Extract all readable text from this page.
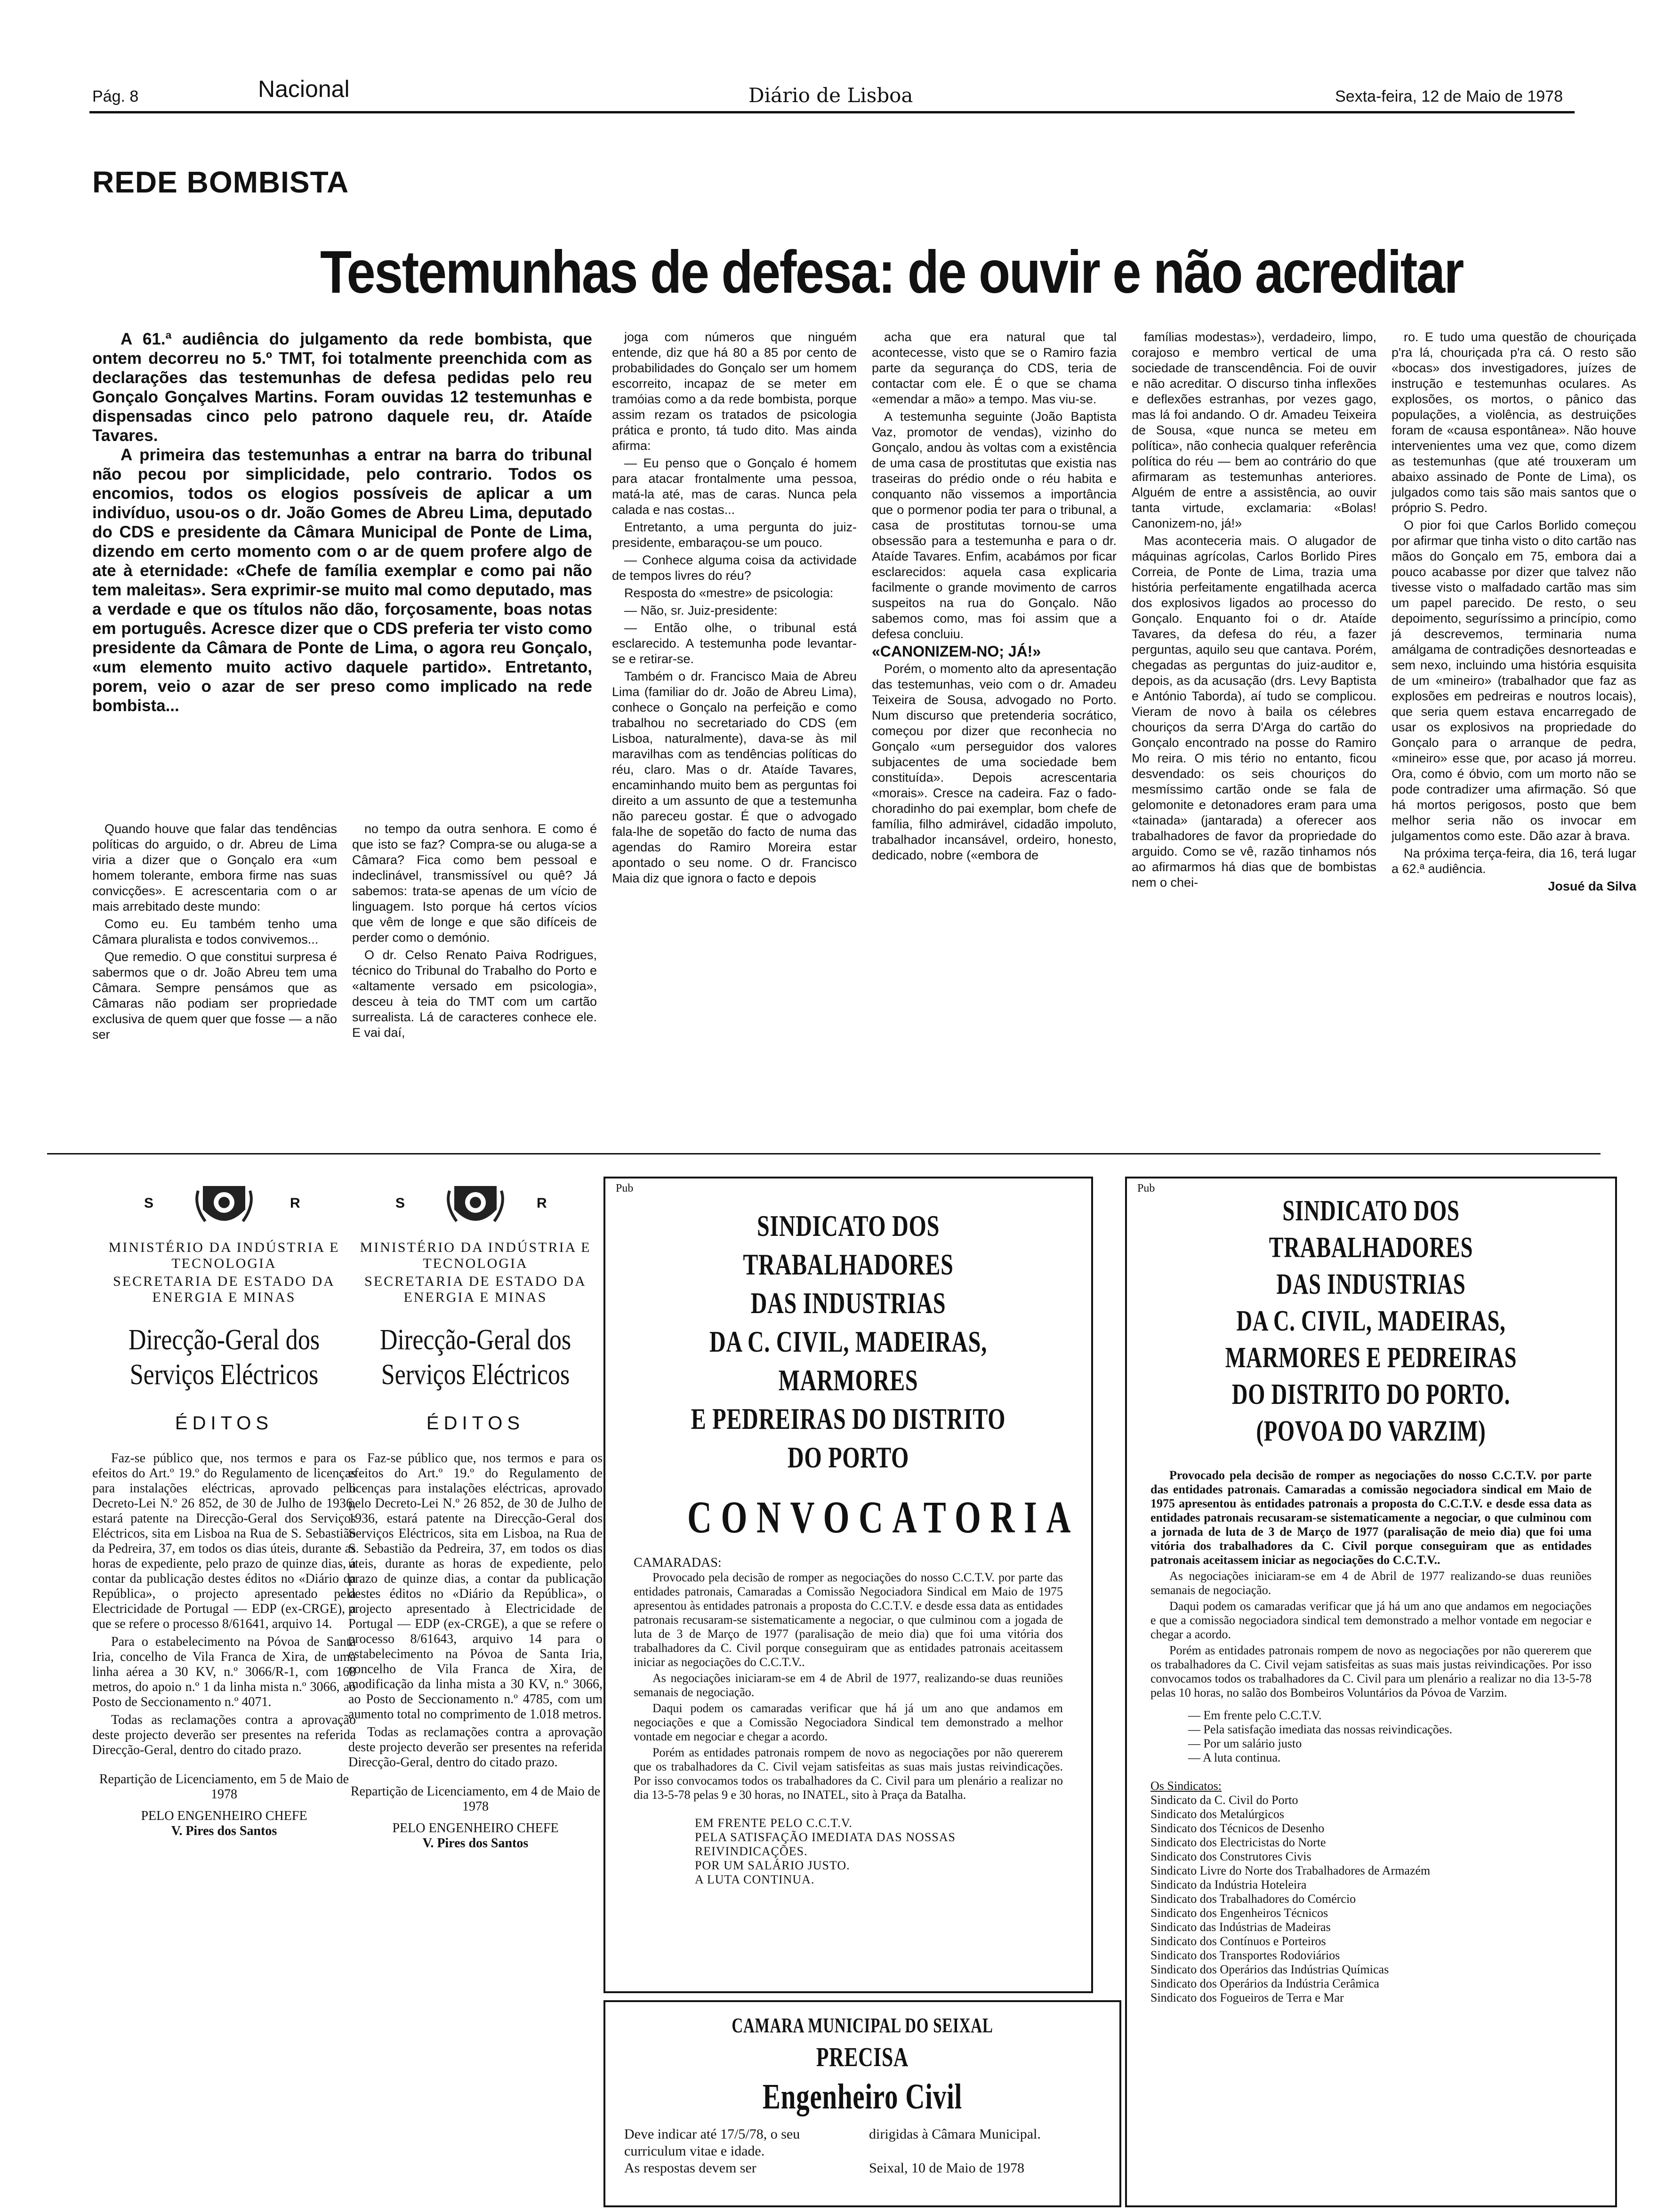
Pág. 8	Nacional	Diário de Lisboa	Sexta-feira, 12 de Maio de 1978
REDE BOMBISTA
Testemunhas de defesa: de ouvir e não acreditar

A 61.ª audiência do julgamento da rede bombista, que ontem decorreu no 5.º TMT, foi totalmente preenchida com as declarações das testemunhas de defesa pedidas pelo reu Gonçalo Gonçalves Martins. Foram ouvidas 12 testemunhas e dispensadas cinco pelo patrono daquele reu, dr. Ataíde Tavares.

A primeira das testemunhas a entrar na barra do tribunal não pecou por simplicidade, pelo contrario. Todos os encomios, todos os elogios possíveis de aplicar a um indivíduo, usou-os o dr. João Gomes de Abreu Lima, deputado do CDS e presidente da Câmara Municipal de Ponte de Lima, dizendo em certo momento com o ar de quem profere algo de ate à eternidade: «Chefe de família exemplar e como pai não tem maleitas». Sera exprimir-se muito mal como deputado, mas a verdade e que os títulos não dão, forçosamente, boas notas em português. Acresce dizer que o CDS preferia ter visto como presidente da Câmara de Ponte de Lima, o agora reu Gonçalo, «um elemento muito activo daquele partido». Entretanto, porem, veio o azar de ser preso como implicado na rede bombista...

Quando houve que falar das tendências políticas do arguido, o dr. Abreu de Lima viria a dizer que o Gonçalo era «um homem tolerante, embora firme nas suas convicções». E acrescentaria com o ar mais arrebitado deste mundo:

Como eu. Eu também tenho uma Câmara pluralista e todos convivemos...

Que remedio. O que constitui surpresa é sabermos que o dr. João Abreu tem uma Câmara. Sempre pensámos que as Câmaras não podiam ser propriedade exclusiva de quem quer que fosse — a não ser

no tempo da outra senhora. E como é que isto se faz? Compra-se ou aluga-se a Câmara? Fica como bem pessoal e indeclinável, transmissível ou quê? Já sabemos: trata-se apenas de um vício de linguagem. Isto porque há certos vícios que vêm de longe e que são difíceis de perder como o demónio.

O dr. Celso Renato Paiva Rodrigues, técnico do Tribunal do Trabalho do Porto e «altamente versado em psicologia», desceu à teia do TMT com um cartão surrealista. Lá de caracteres conhece ele. E vai daí,

joga com números que ninguém entende, diz que há 80 a 85 por cento de probabilidades do Gonçalo ser um homem escorreito, incapaz de se meter em tramóias como a da rede bombista, porque assim rezam os tratados de psicologia prática e pronto, tá tudo dito. Mas ainda afirma:

— Eu penso que o Gonçalo é homem para atacar frontalmente uma pessoa, matá-la até, mas de caras. Nunca pela calada e nas costas...

Entretanto, a uma pergunta do juiz-presidente, embaraçou-se um pouco.

— Conhece alguma coisa da actividade de tempos livres do réu?

Resposta do «mestre» de psicologia:

— Não, sr. Juiz-presidente:

— Então olhe, o tribunal está esclarecido. A testemunha pode levantar-se e retirar-se.

Também o dr. Francisco Maia de Abreu Lima (familiar do dr. João de Abreu Lima), conhece o Gonçalo na perfeição e como trabalhou no secretariado do CDS (em Lisboa, naturalmente), dava-se às mil maravilhas com as tendências políticas do réu, claro. Mas o dr. Ataíde Tavares, encaminhando muito bem as perguntas foi direito a um assunto de que a testemunha não pareceu gostar. É que o advogado fala-lhe de sopetão do facto de numa das agendas do Ramiro Moreira estar apontado o seu nome. O dr. Francisco Maia diz que ignora o facto e depois

acha que era natural que tal acontecesse, visto que se o Ramiro fazia parte da segurança do CDS, teria de contactar com ele. É o que se chama «emendar a mão» a tempo. Mas viu-se.

A testemunha seguinte (João Baptista Vaz, promotor de vendas), vizinho do Gonçalo, andou às voltas com a existência de uma casa de prostitutas que existia nas traseiras do prédio onde o réu habita e conquanto não vissemos a importância que o pormenor podia ter para o tribunal, a casa de prostitutas tornou-se uma obsessão para a testemunha e para o dr. Ataíde Tavares. Enfim, acabámos por ficar esclarecidos: aquela casa explicaria facilmente o grande movimento de carros suspeitos na rua do Gonçalo. Não sabemos como, mas foi assim que a defesa concluiu.

«CANONIZEM-NO; JÁ!»

Porém, o momento alto da apresentação das testemunhas, veio com o dr. Amadeu Teixeira de Sousa, advogado no Porto. Num discurso que pretenderia socrático, começou por dizer que reconhecia no Gonçalo «um perseguidor dos valores subjacentes de uma sociedade bem constituída». Depois acrescentaria «morais». Cresce na cadeira. Faz o fado-choradinho do pai exemplar, bom chefe de família, filho admirável, cidadão impoluto, trabalhador incansável, ordeiro, honesto, dedicado, nobre («embora de

famílias modestas»), verdadeiro, limpo, corajoso e membro vertical de uma sociedade de transcendência. Foi de ouvir e não acreditar. O discurso tinha inflexões e deflexões estranhas, por vezes gago, mas lá foi andando. O dr. Amadeu Teixeira de Sousa, «que nunca se meteu em política», não conhecia qualquer referência política do réu — bem ao contrário do que afirmaram as testemunhas anteriores. Alguém de entre a assistência, ao ouvir tanta virtude, exclamaria: «Bolas! Canonizem-no, já!»

Mas aconteceria mais. O alugador de máquinas agrícolas, Carlos Borlido Pires Correia, de Ponte de Lima, trazia uma história perfeitamente engatilhada acerca dos explosivos ligados ao processo do Gonçalo. Enquanto foi o dr. Ataíde Tavares, da defesa do réu, a fazer perguntas, aquilo seu que cantava. Porém, chegadas as perguntas do juiz-auditor e, depois, as da acusação (drs. Levy Baptista e António Taborda), aí tudo se complicou. Vieram de novo à baila os célebres chouriços da serra D'Arga do cartão do Gonçalo encontrado na posse do Ramiro Mo reira. O mis tério no entanto, ficou desvendado: os seis chouriços do mesmíssimo cartão onde se fala de gelomonite e detonadores eram para uma «tainada» (jantarada) a oferecer aos trabalhadores de favor da propriedade do arguido. Como se vê, razão tinhamos nós ao afirmarmos há dias que de bombistas nem o chei-

ro. E tudo uma questão de chouriçada p'ra lá, chouriçada p'ra cá. O resto são «bocas» dos investigadores, juízes de instrução e testemunhas oculares. As explosões, os mortos, o pânico das populações, a violência, as destruições foram de «causa espontânea». Não houve intervenientes uma vez que, como dizem as testemunhas (que até trouxeram um abaixo assinado de Ponte de Lima), os julgados como tais são mais santos que o próprio S. Pedro.

O pior foi que Carlos Borlido começou por afirmar que tinha visto o dito cartão nas mãos do Gonçalo em 75, embora dai a pouco acabasse por dizer que talvez não tivesse visto o malfadado cartão mas sim um papel parecido. De resto, o seu depoimento, seguríssimo a princípio, como já descrevemos, terminaria numa amálgama de contradições desnorteadas e sem nexo, incluindo uma história esquisita de um «mineiro» (trabalhador que faz as explosões em pedreiras e noutros locais), que seria quem estava encarregado de usar os explosivos na propriedade do Gonçalo para o arranque de pedra, «mineiro» esse que, por acaso já morreu. Ora, como é óbvio, com um morto não se pode contradizer uma afirmação. Só que há mortos perigosos, posto que bem melhor seria não os invocar em julgamentos como este. Dão azar à brava.

Na próxima terça-feira, dia 16, terá lugar a 62.ª audiência.

Josué da Silva

S	R
MINISTÉRIO DA INDÚSTRIA E TECNOLOGIA
SECRETARIA DE ESTADO DA ENERGIA E MINAS
Direcção-Geral dos Serviços Eléctricos
ÉDITOS

Faz-se público que, nos termos e para os efeitos do Art.º 19.º do Regulamento de licenças para instalações eléctricas, aprovado pelo Decreto-Lei N.º 26 852, de 30 de Julho de 1936, estará patente na Direcção-Geral dos Serviços Eléctricos, sita em Lisboa na Rua de S. Sebastião da Pedreira, 37, em todos os dias úteis, durante as horas de expediente, pelo prazo de quinze dias, a contar da publicação destes éditos no «Diário da República», o projecto apresentado pela Electricidade de Portugal — EDP (ex-CRGE), a que se refere o processo 8/61641, arquivo 14.

Para o estabelecimento na Póvoa de Santa Iria, concelho de Vila Franca de Xira, de uma linha aérea a 30 KV, n.º 3066/R-1, com 168 metros, do apoio n.º 1 da linha mista n.º 3066, ao Posto de Seccionamento n.º 4071.

Todas as reclamações contra a aprovação deste projecto deverão ser presentes na referida Direcção-Geral, dentro do citado prazo.

Repartição de Licenciamento, em 5 de Maio de 1978
PELO ENGENHEIRO CHEFE
V. Pires dos Santos
S	R
MINISTÉRIO DA INDÚSTRIA E TECNOLOGIA
SECRETARIA DE ESTADO DA ENERGIA E MINAS
Direcção-Geral dos Serviços Eléctricos
ÉDITOS

Faz-se público que, nos termos e para os efeitos do Art.º 19.º do Regulamento de licenças para instalações eléctricas, aprovado pelo Decreto-Lei N.º 26 852, de 30 de Julho de 1936, estará patente na Direcção-Geral dos Serviços Eléctricos, sita em Lisboa, na Rua de S. Sebastião da Pedreira, 37, em todos os dias úteis, durante as horas de expediente, pelo prazo de quinze dias, a contar da publicação destes éditos no «Diário da República», o projecto apresentado à Electricidade de Portugal — EDP (ex-CRGE), a que se refere o processo 8/61643, arquivo 14 para o estabelecimento na Póvoa de Santa Iria, concelho de Vila Franca de Xira, de modificação da linha mista a 30 KV, n.º 3066, ao Posto de Seccionamento n.º 4785, com um aumento total no comprimento de 1.018 metros.

Todas as reclamações contra a aprovação deste projecto deverão ser presentes na referida Direcção-Geral, dentro do citado prazo.

Repartição de Licenciamento, em 4 de Maio de 1978
PELO ENGENHEIRO CHEFE
V. Pires dos Santos
Pub
SINDICATO DOS TRABALHADORES
DAS INDUSTRIAS
DA C. CIVIL, MADEIRAS, MARMORES
E PEDREIRAS DO DISTRITO DO PORTO
CONVOCATORIA
CAMARADAS:

Provocado pela decisão de romper as negociações do nosso C.C.T.V. por parte das entidades patronais, Camaradas a Comissão Negociadora Sindical em Maio de 1975 apresentou às entidades patronais a proposta do C.C.T.V. e desde essa data as entidades patronais recusaram-se sistematicamente a negociar, o que culminou com a jogada de luta de 3 de Março de 1977 (paralisação de meio dia) que foi uma vitória dos trabalhadores da C. Civil porque conseguiram que as entidades patronais aceitassem iniciar as negociações do C.C.T.V..

As negociações iniciaram-se em 4 de Abril de 1977, realizando-se duas reuniões semanais de negociação.

Daqui podem os camaradas verificar que há já um ano que andamos em negociações e que a Comissão Negociadora Sindical tem demonstrado a melhor vontade em negociar e chegar a acordo.

Porém as entidades patronais rompem de novo as negociações por não quererem que os trabalhadores da C. Civil vejam satisfeitas as suas mais justas reivindicações. Por isso convocamos todos os trabalhadores da C. Civil para um plenário a realizar no dia 13-5-78 pelas 9 e 30 horas, no INATEL, sito à Praça da Batalha.

EM FRENTE PELO C.C.T.V.
PELA SATISFAÇÃO IMEDIATA DAS NOSSAS REIVINDICAÇÕES.
POR UM SALÁRIO JUSTO.
A LUTA CONTINUA.
CAMARA MUNICIPAL DO SEIXAL
PRECISA
Engenheiro Civil
Deve indicar até 17/5/78, o seu curriculum vitae e idade.
As respostas devem ser
dirigidas à Câmara Municipal.
Seixal, 10 de Maio de 1978
Pub
SINDICATO DOS TRABALHADORES
DAS INDUSTRIAS
DA C. CIVIL, MADEIRAS,
MARMORES E PEDREIRAS
DO DISTRITO DO PORTO.
(POVOA DO VARZIM)

Provocado pela decisão de romper as negociações do nosso C.C.T.V. por parte das entidades patronais. Camaradas a comissão negociadora sindical em Maio de 1975 apresentou às entidades patronais a proposta do C.C.T.V. e desde essa data as entidades patronais recusaram-se sistematicamente a negociar, o que culminou com a jornada de luta de 3 de Março de 1977 (paralisação de meio dia) que foi uma vitória dos trabalhadores da C. Civil porque conseguiram que as entidades patronais aceitassem iniciar as negociações do C.C.T.V..

As negociações iniciaram-se em 4 de Abril de 1977 realizando-se duas reuniões semanais de negociação.

Daqui podem os camaradas verificar que já há um ano que andamos em negociações e que a comissão negociadora sindical tem demonstrado a melhor vontade em negociar e chegar a acordo.

Porém as entidades patronais rompem de novo as negociações por não quererem que os trabalhadores da C. Civil vejam satisfeitas as suas mais justas reivindicações. Por isso convocamos todos os trabalhadores da C. Civil para um plenário a realizar no dia 13-5-78 pelas 10 horas, no salão dos Bombeiros Voluntários da Póvoa de Varzim.

— Em frente pelo C.C.T.V.
— Pela satisfação imediata das nossas reivindicações.
— Por um salário justo
— A luta continua.
Os Sindicatos:
Sindicato da C. Civil do Porto
Sindicato dos Metalúrgicos
Sindicato dos Técnicos de Desenho
Sindicato dos Electricistas do Norte
Sindicato dos Construtores Civis
Sindicato Livre do Norte dos Trabalhadores de Armazém
Sindicato da Indústria Hoteleira
Sindicato dos Trabalhadores do Comércio
Sindicato dos Engenheiros Técnicos
Sindicato das Indústrias de Madeiras
Sindicato dos Contínuos e Porteiros
Sindicato dos Transportes Rodoviários
Sindicato dos Operários das Indústrias Químicas
Sindicato dos Operários da Indústria Cerâmica
Sindicato dos Fogueiros de Terra e Mar
